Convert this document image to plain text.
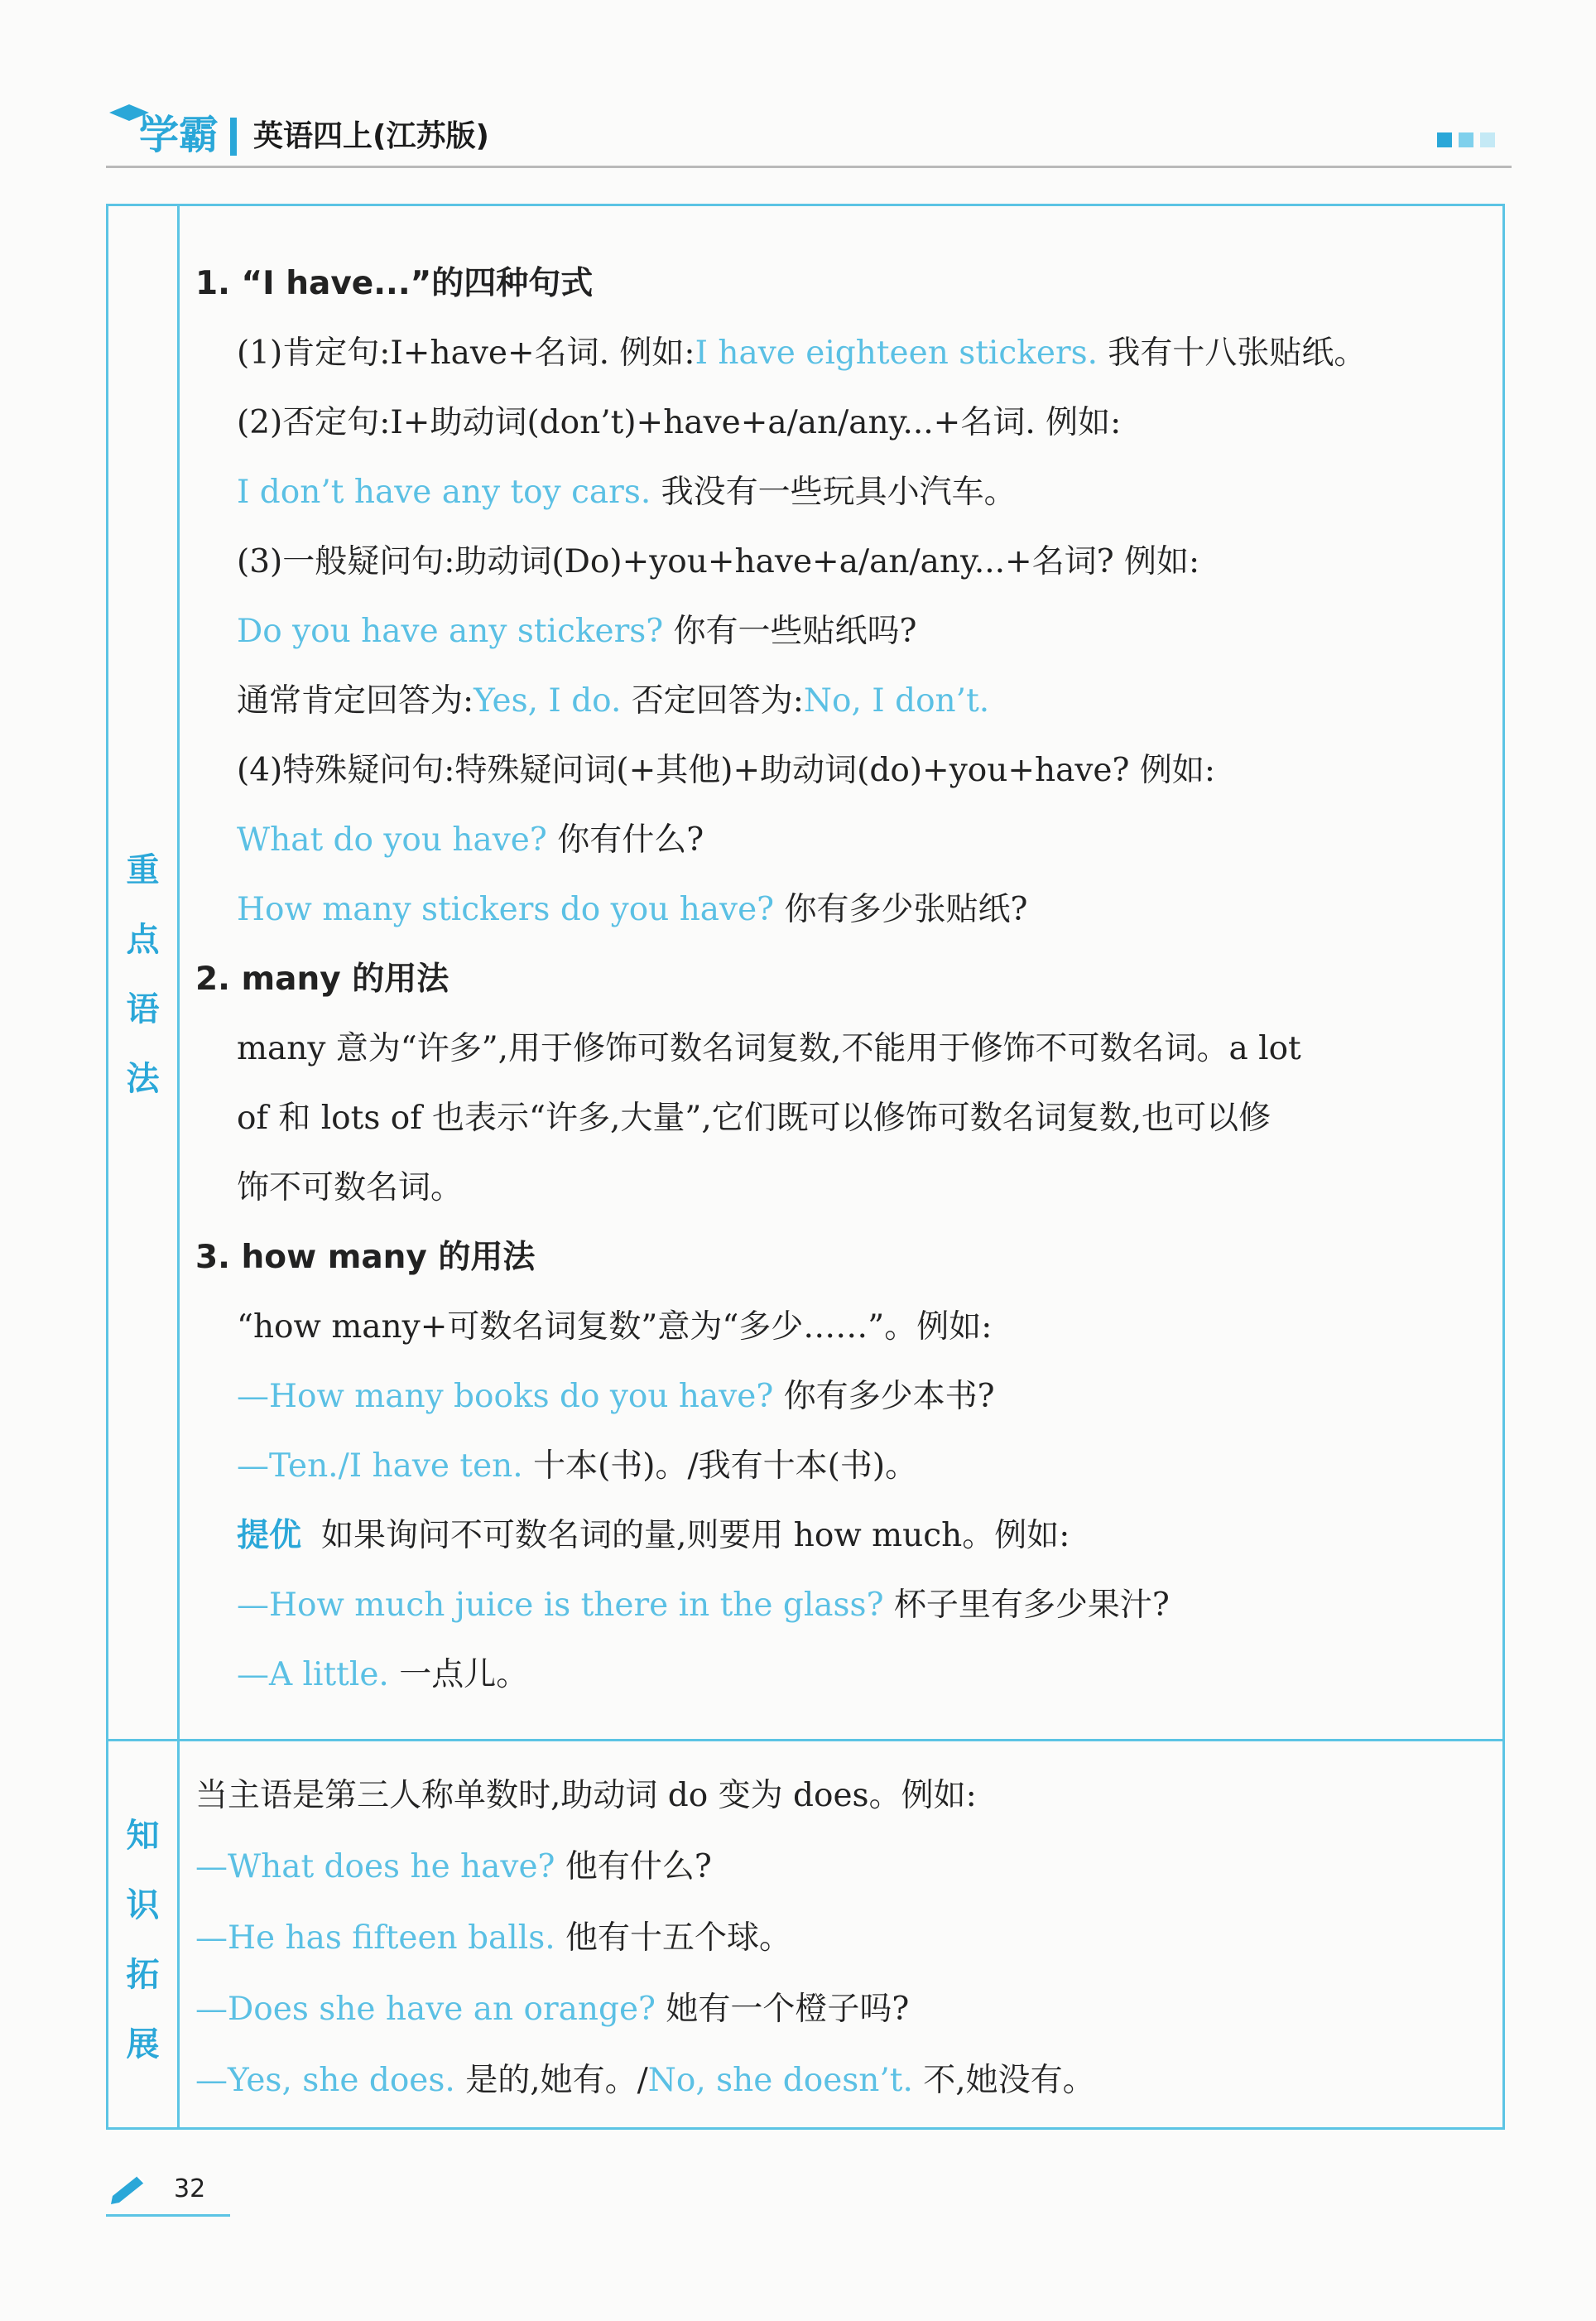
学霸 英语四上(江苏版)
重
点
语
法
知
识
拓
展
1. “I have...”的四种句式
(1)肯定句:I+have+名词. 例如:I have eighteen stickers. 我有十八张贴纸。
(2)否定句:I+助动词(don’t)+have+a/an/any...+名词. 例如:
I don’t have any toy cars. 我没有一些玩具小汽车。
(3)一般疑问句:助动词(Do)+you+have+a/an/any...+名词? 例如:
Do you have any stickers? 你有一些贴纸吗?
通常肯定回答为:Yes, I do. 否定回答为:No, I don’t.
(4)特殊疑问句:特殊疑问词(+其他)+助动词(do)+you+have? 例如:
What do you have? 你有什么?
How many stickers do you have? 你有多少张贴纸?
2. many 的用法
many 意为“许多”,用于修饰可数名词复数,不能用于修饰不可数名词。a lot
of 和 lots of 也表示“许多,大量”,它们既可以修饰可数名词复数,也可以修
饰不可数名词。
3. how many 的用法
“how many+可数名词复数”意为“多少……”。例如:
—How many books do you have? 你有多少本书?
—Ten./I have ten. 十本(书)。/我有十本(书)。
提优 如果询问不可数名词的量,则要用 how much。例如:
—How much juice is there in the glass? 杯子里有多少果汁?
—A little. 一点儿。
当主语是第三人称单数时,助动词 do 变为 does。例如:
—What does he have? 他有什么?
—He has fifteen balls. 他有十五个球。
—Does she have an orange? 她有一个橙子吗?
—Yes, she does. 是的,她有。/No, she doesn’t. 不,她没有。
32
